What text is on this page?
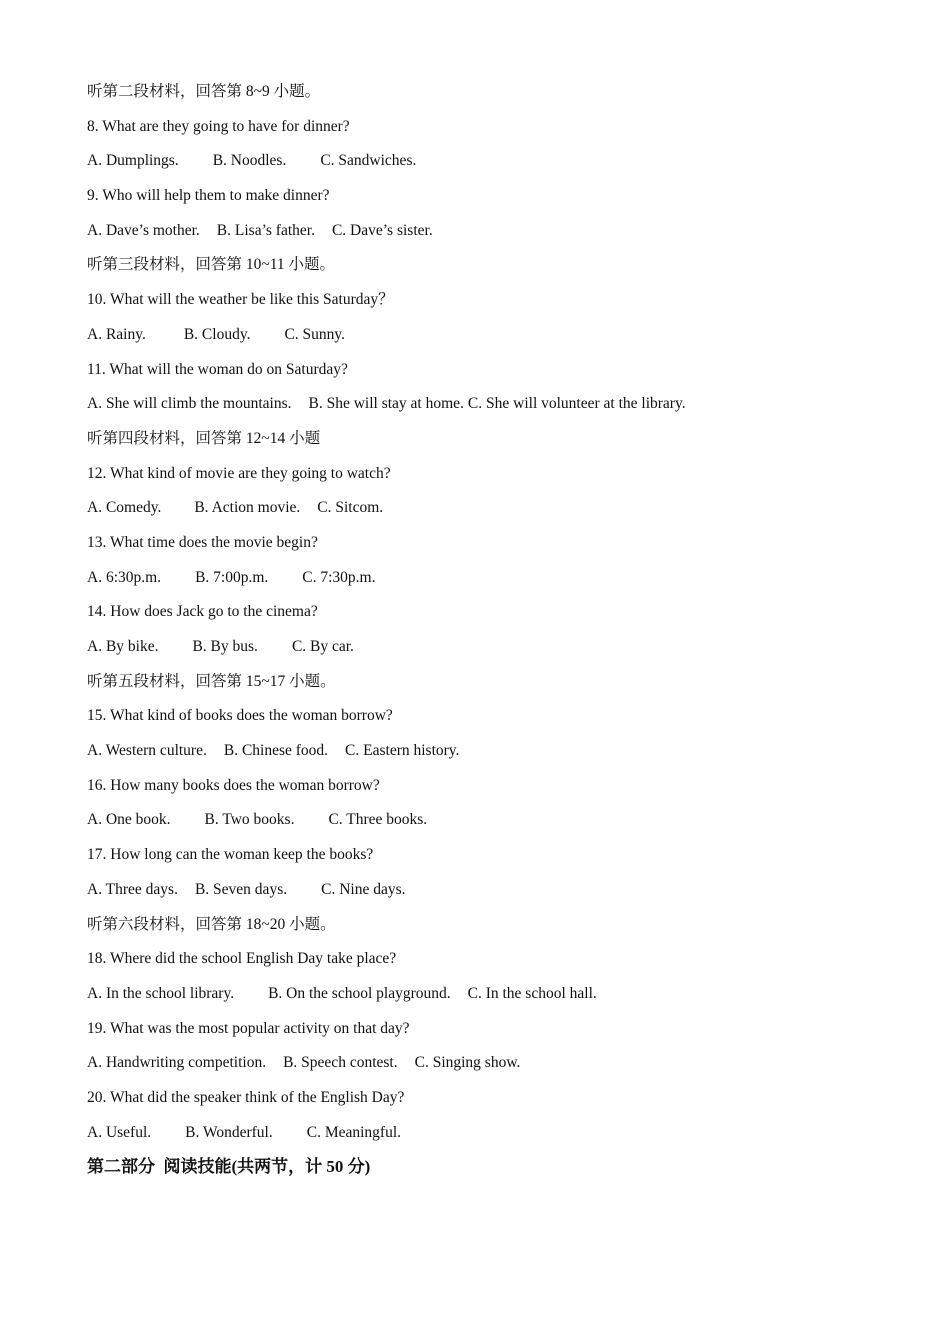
听第二段材料，回答第 8~9 小题。
8. What are they going to have for dinner?
A. Dumplings. B. Noodles. C. Sandwiches.
9. Who will help them to make dinner?
A. Dave’s mother. B. Lisa’s father. C. Dave’s sister.
听第三段材料，回答第 10~11 小题。
10. What will the weather be like this Saturday？
A. Rainy. B. Cloudy. C. Sunny.
11. What will the woman do on Saturday?
A. She will climb the mountains. B. She will stay at home. C. She will volunteer at the library.
听第四段材料，回答第 12~14 小题
12. What kind of movie are they going to watch?
A. Comedy. B. Action movie. C. Sitcom.
13. What time does the movie begin?
A. 6:30p.m. B. 7:00p.m. C. 7:30p.m.
14. How does Jack go to the cinema?
A. By bike. B. By bus. C. By car.
听第五段材料，回答第 15~17 小题。
15. What kind of books does the woman borrow?
A. Western culture. B. Chinese food. C. Eastern history.
16. How many books does the woman borrow?
A. One book. B. Two books. C. Three books.
17. How long can the woman keep the books?
A. Three days. B. Seven days. C. Nine days.
听第六段材料，回答第 18~20 小题。
18. Where did the school English Day take place?
A. In the school library. B. On the school playground. C. In the school hall.
19. What was the most popular activity on that day?
A. Handwriting competition. B. Speech contest. C. Singing show.
20. What did the speaker think of the English Day?
A. Useful. B. Wonderful. C. Meaningful.
第二部分  阅读技能(共两节，计 50 分)
